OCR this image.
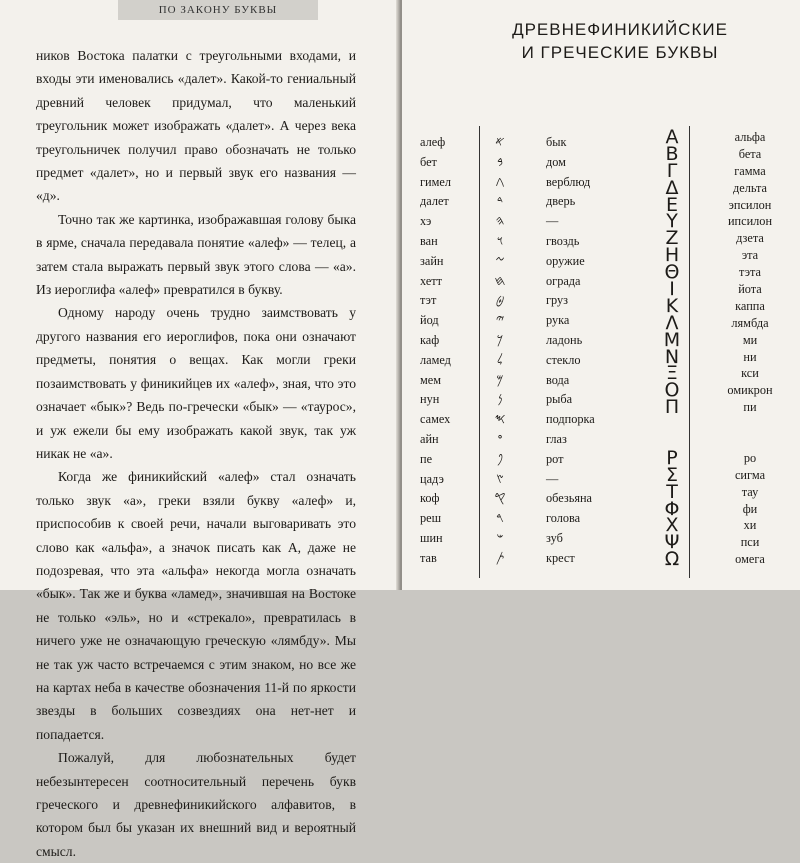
ПО ЗАКОНУ БУКВЫ

ников Востока палатки с треугольными входами, и входы эти именовались «далет». Какой-то гениальный древний человек придумал, что маленький треугольник может изображать «далет». А через века треугольничек получил право обозначать не только предмет «далет», но и первый звук его названия — «д».

Точно так же картинка, изображавшая голову быка в ярме, сначала передавала понятие «алеф» — телец, а затем стала выражать первый звук этого слова — «а». Из иероглифа «алеф» превратился в букву.

Одному народу очень трудно заимствовать у другого названия его иероглифов, пока они означают предметы, понятия о вещах. Как могли греки позаимствовать у финикийцев их «алеф», зная, что это означает «бык»? Ведь по-гречески «бык» — «таурос», и уж ежели бы ему изображать какой звук, так уж никак не «а».

Когда же финикийский «алеф» стал означать только звук «а», греки взяли букву «алеф» и, приспособив к своей речи, начали выговаривать это слово как «альфа», а значок писать как А, даже не подозревая, что эта «альфа» некогда могла означать «бык». Так же и буква «ламед», значившая на Востоке не только «эль», но и «стрекало», превратилась в ничего уже не означающую греческую «лямбду». Мы не так уж часто встречаемся с этим знаком, но все же на картах неба в качестве обозначения 11-й по яркости звезды в больших созвездиях она нет-нет и попадается.

Пожалуй, для любознательных будет небезынтересен соотносительный перечень букв греческого и древнефиникийского алфавитов, в котором был бы указан их внешний вид и вероятный смысл.

ДРЕВНЕФИНИКИЙСКИЕ
И ГРЕЧЕСКИЕ БУКВЫ
алеф
бет
гимел
далет
хэ
ван
зайн
хетт
тэт
йод
каф
ламед
мем
нун
самех
айн
пе
цадэ
коф
реш
шин
тав
𐤀
𐤁
𐤂
𐤃
𐤄
𐤅
𐤆
𐤇
𐤈
𐤉
𐤊
𐤋
𐤌
𐤍
𐤎
𐤏
𐤐
𐤑
𐤒
𐤓
𐤔
𐤕
бык
дом
верблюд
дверь
—
гвоздь
оружие
ограда
груз
рука
ладонь
стекло
вода
рыба
подпорка
глаз
рот
—
обезьяна
голова
зуб
крест
Α
Β
Γ
Δ
Ε
Υ
Ζ
Η
Θ
Ι
Κ
Λ
Μ
Ν
Ξ
Ο
Π
Ρ
Σ
Τ
Φ
Χ
Ψ
Ω
альфа
бета
гамма
дельта
эпсилон
ипсилон
дзета
эта
тэта
йота
каппа
лямбда
ми
ни
кси
омикрон
пи
ро
сигма
тау
фи
хи
пси
омега
